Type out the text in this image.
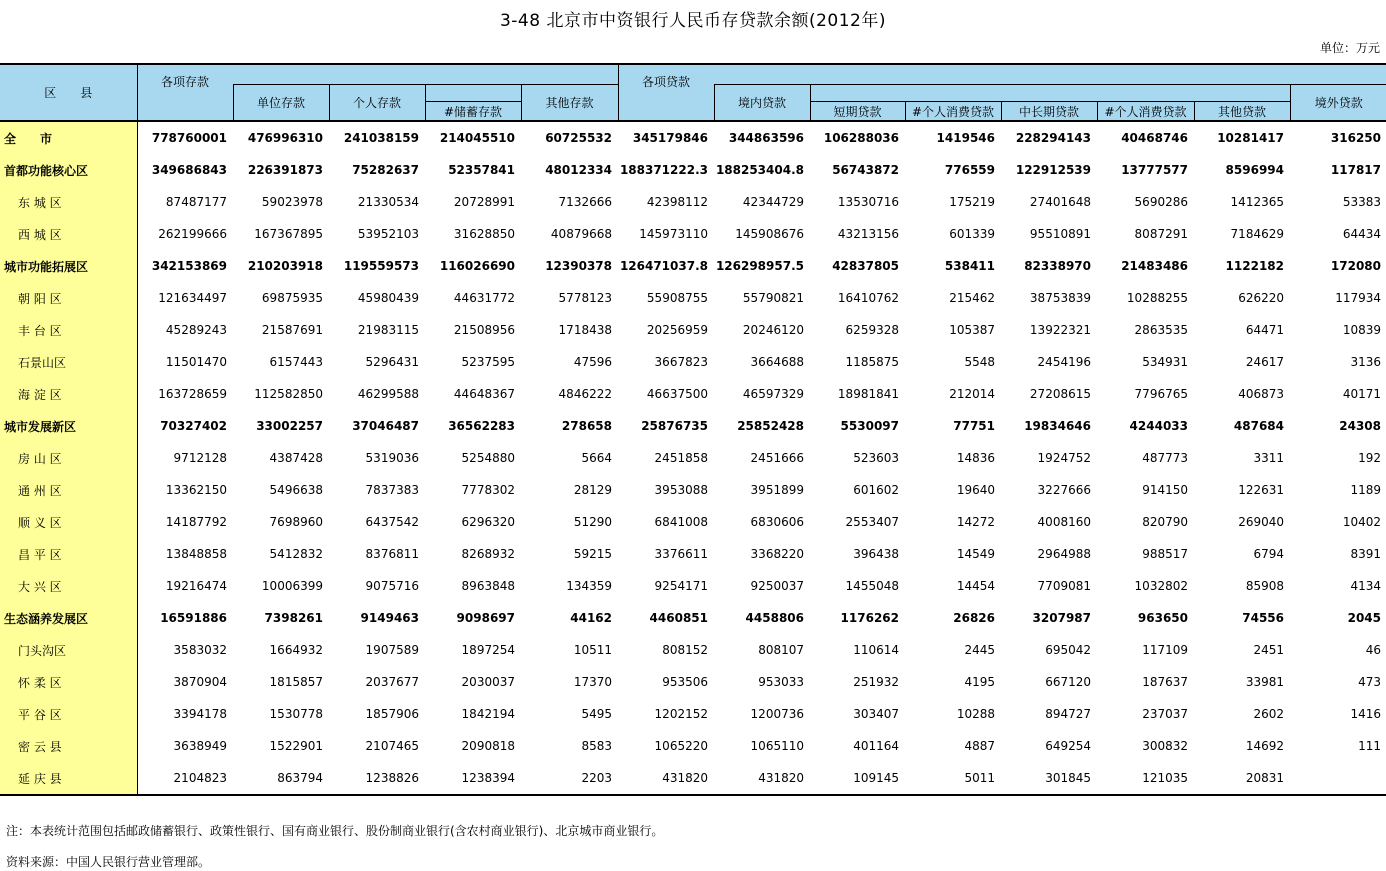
3-48 北京市中资银行人民币存贷款余额(2012年)
单位：万元
区　　县	各项存款					各项贷款							
		单位存款	个人存款		其他存款		境内贷款						境外贷款
				#储蓄存款				短期贷款	#个人消费贷款	中长期贷款	#个人消费贷款	其他贷款	
全　　市	778760001	476996310	241038159	214045510	60725532	345179846	344863596	106288036	1419546	228294143	40468746	10281417	316250
首都功能核心区	349686843	226391873	75282637	52357841	48012334	188371222.3	188253404.8	56743872	776559	122912539	13777577	8596994	117817
东 城 区	87487177	59023978	21330534	20728991	7132666	42398112	42344729	13530716	175219	27401648	5690286	1412365	53383
西 城 区	262199666	167367895	53952103	31628850	40879668	145973110	145908676	43213156	601339	95510891	8087291	7184629	64434
城市功能拓展区	342153869	210203918	119559573	116026690	12390378	126471037.8	126298957.5	42837805	538411	82338970	21483486	1122182	172080
朝 阳 区	121634497	69875935	45980439	44631772	5778123	55908755	55790821	16410762	215462	38753839	10288255	626220	117934
丰 台 区	45289243	21587691	21983115	21508956	1718438	20256959	20246120	6259328	105387	13922321	2863535	64471	10839
石景山区	11501470	6157443	5296431	5237595	47596	3667823	3664688	1185875	5548	2454196	534931	24617	3136
海 淀 区	163728659	112582850	46299588	44648367	4846222	46637500	46597329	18981841	212014	27208615	7796765	406873	40171
城市发展新区	70327402	33002257	37046487	36562283	278658	25876735	25852428	5530097	77751	19834646	4244033	487684	24308
房 山 区	9712128	4387428	5319036	5254880	5664	2451858	2451666	523603	14836	1924752	487773	3311	192
通 州 区	13362150	5496638	7837383	7778302	28129	3953088	3951899	601602	19640	3227666	914150	122631	1189
顺 义 区	14187792	7698960	6437542	6296320	51290	6841008	6830606	2553407	14272	4008160	820790	269040	10402
昌 平 区	13848858	5412832	8376811	8268932	59215	3376611	3368220	396438	14549	2964988	988517	6794	8391
大 兴 区	19216474	10006399	9075716	8963848	134359	9254171	9250037	1455048	14454	7709081	1032802	85908	4134
生态涵养发展区	16591886	7398261	9149463	9098697	44162	4460851	4458806	1176262	26826	3207987	963650	74556	2045
门头沟区	3583032	1664932	1907589	1897254	10511	808152	808107	110614	2445	695042	117109	2451	46
怀 柔 区	3870904	1815857	2037677	2030037	17370	953506	953033	251932	4195	667120	187637	33981	473
平 谷 区	3394178	1530778	1857906	1842194	5495	1202152	1200736	303407	10288	894727	237037	2602	1416
密 云 县	3638949	1522901	2107465	2090818	8583	1065220	1065110	401164	4887	649254	300832	14692	111
延 庆 县	2104823	863794	1238826	1238394	2203	431820	431820	109145	5011	301845	121035	20831	
注：本表统计范围包括邮政储蓄银行、政策性银行、国有商业银行、股份制商业银行(含农村商业银行)、北京城市商业银行。
资料来源：中国人民银行营业管理部。
